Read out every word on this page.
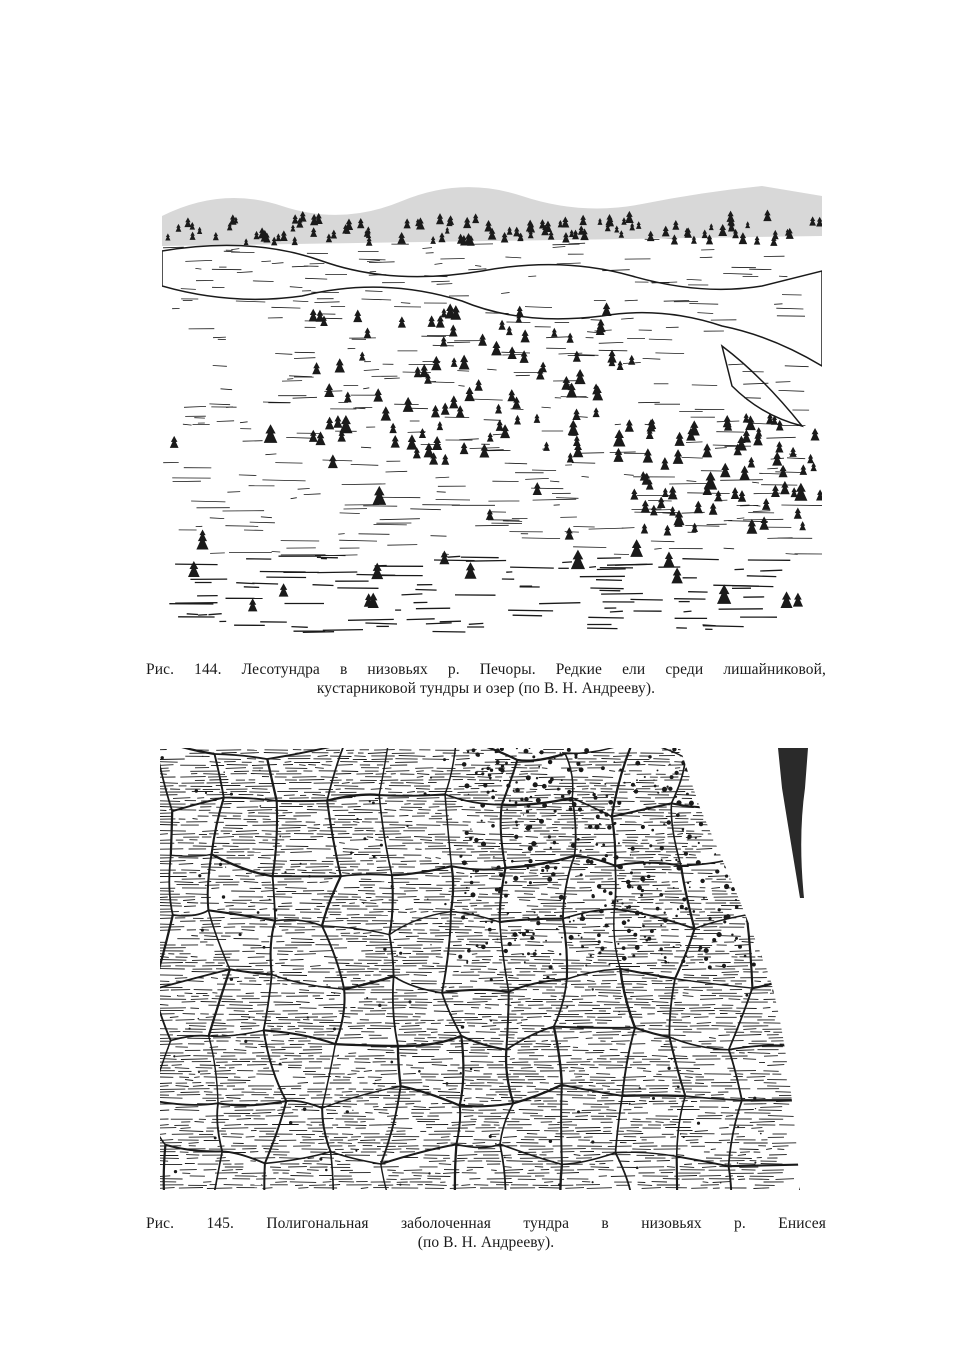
Рис. 144. Лесотундра в низовьях р. Печоры. Редкие ели среди лишайниковой,
кустарниковой тундры и озер (по В. Н. Андрееву).
Рис. 145. Полигональная заболоченная тундра в низовьях р. Енисея
(по В. Н. Андрееву).
